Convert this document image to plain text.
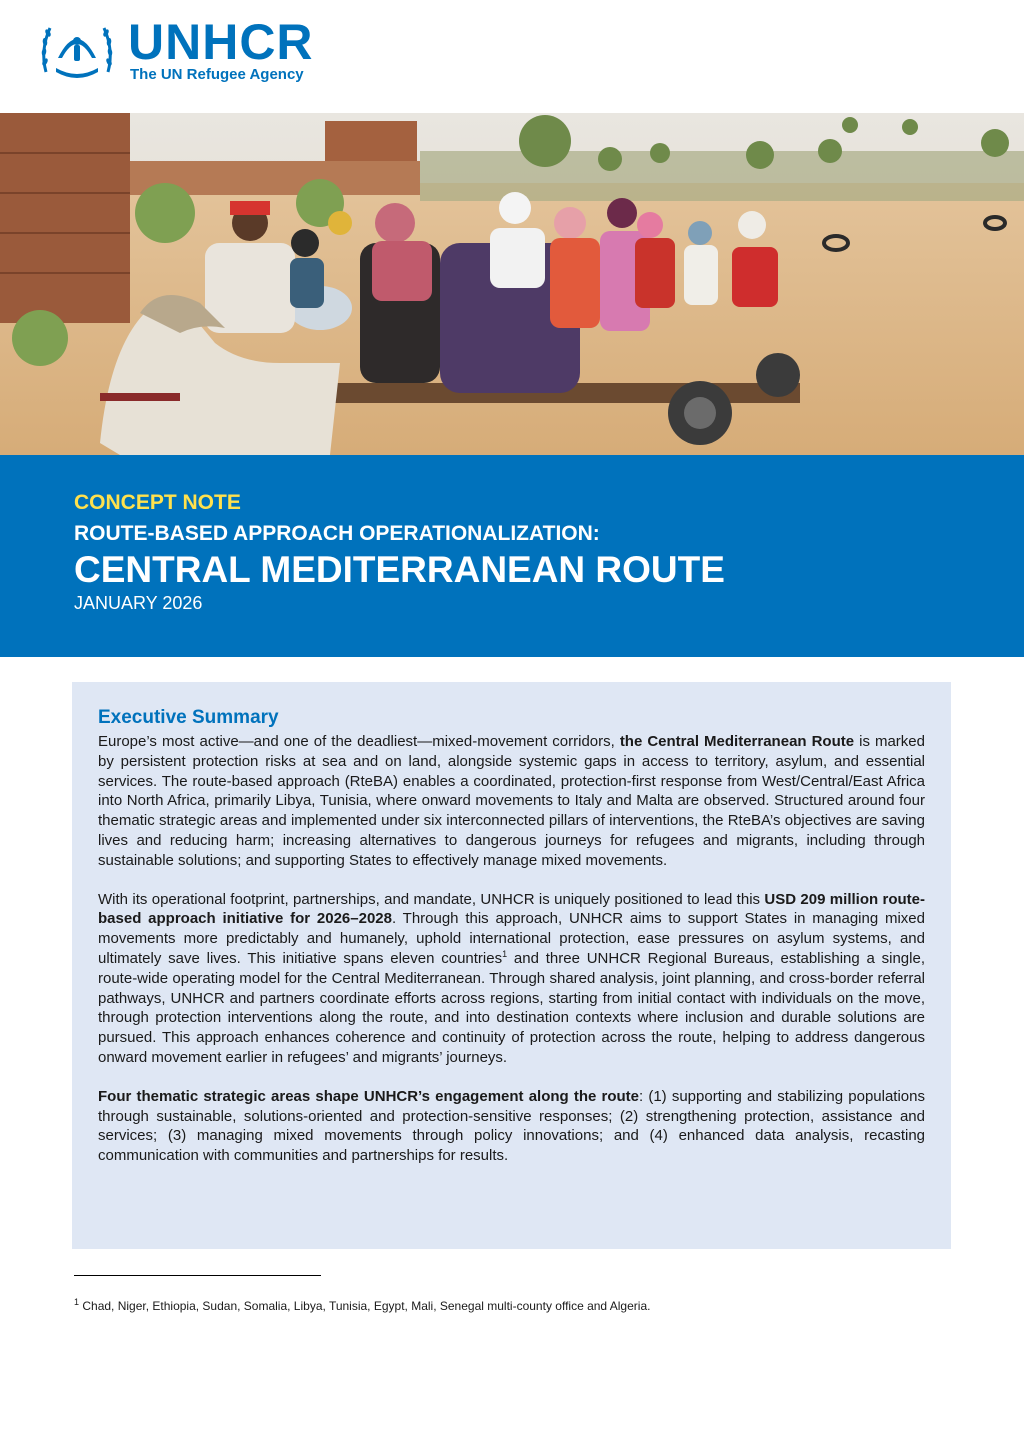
UNHCR
The UN Refugee Agency
CONCEPT NOTE
ROUTE-BASED APPROACH OPERATIONALIZATION:
CENTRAL MEDITERRANEAN ROUTE
JANUARY 2026
Executive Summary

Europe’s most active—and one of the deadliest—mixed-movement corridors, the Central Mediterranean Route is marked by persistent protection risks at sea and on land, alongside systemic gaps in access to territory, asylum, and essential services. The route-based approach (RteBA) enables a coordinated, protection-first response from West/Central/East Africa into North Africa, primarily Libya, Tunisia, where onward movements to Italy and Malta are observed. Structured around four thematic strategic areas and implemented under six interconnected pillars of interventions, the RteBA’s objectives are saving lives and reducing harm; increasing alternatives to dangerous journeys for refugees and migrants, including through sustainable solutions; and supporting States to effectively manage mixed movements.

With its operational footprint, partnerships, and mandate, UNHCR is uniquely positioned to lead this USD 209 million route-based approach initiative for 2026–2028. Through this approach, UNHCR aims to support States in managing mixed movements more predictably and humanely, uphold international protection, ease pressures on asylum systems, and ultimately save lives. This initiative spans eleven countries$^1$ and three UNHCR Regional Bureaus, establishing a single, route-wide operating model for the Central Mediterranean. Through shared analysis, joint planning, and cross-border referral pathways, UNHCR and partners coordinate efforts across regions, starting from initial contact with individuals on the move, through protection interventions along the route, and into destination contexts where inclusion and durable solutions are pursued. This approach enhances coherence and continuity of protection across the route, helping to address dangerous onward movement earlier in refugees’ and migrants’ journeys.

Four thematic strategic areas shape UNHCR’s engagement along the route: (1) supporting and stabilizing populations through sustainable, solutions-oriented and protection-sensitive responses; (2) strengthening protection, assistance and services; (3) managing mixed movements through policy innovations; and (4) enhanced data analysis, recasting communication with communities and partnerships for results.

$^1$ Chad, Niger, Ethiopia, Sudan, Somalia, Libya, Tunisia, Egypt, Mali, Senegal multi-county office and Algeria.
